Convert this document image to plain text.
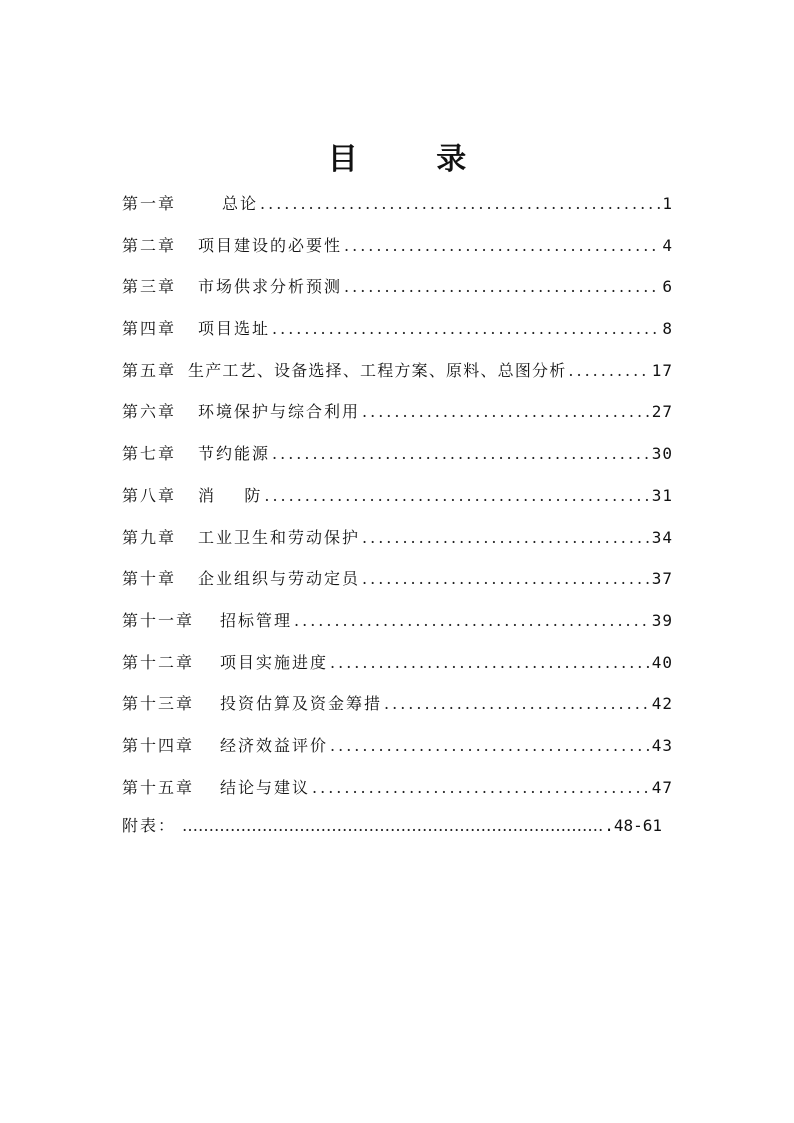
目 录
第一章	总论 .....	1
第二章 项目建设的必要性 .....	4
第三章 市场供求分析预测 .....	6
第四章 项目选址 .....	8
第五章 生产工艺、设备选择、工程方案、原料、总图分析 .....	17
第六章 环境保护与综合利用 .....	27
第七章 节约能源 .....	30
第八章 消    防 .....	31
第九章 工业卫生和劳动保护 .....	34
第十章 企业组织与劳动定员 .....	37
第十一章 招标管理 .....	39
第十二章 项目实施进度 .....	40
第十三章 投资估算及资金筹措 .....	42
第十四章 经济效益评价 .....	43
第十五章 结论与建议 .....	47
附表： ……………………………………………………………………………………………………………………………………………………	.48-61
